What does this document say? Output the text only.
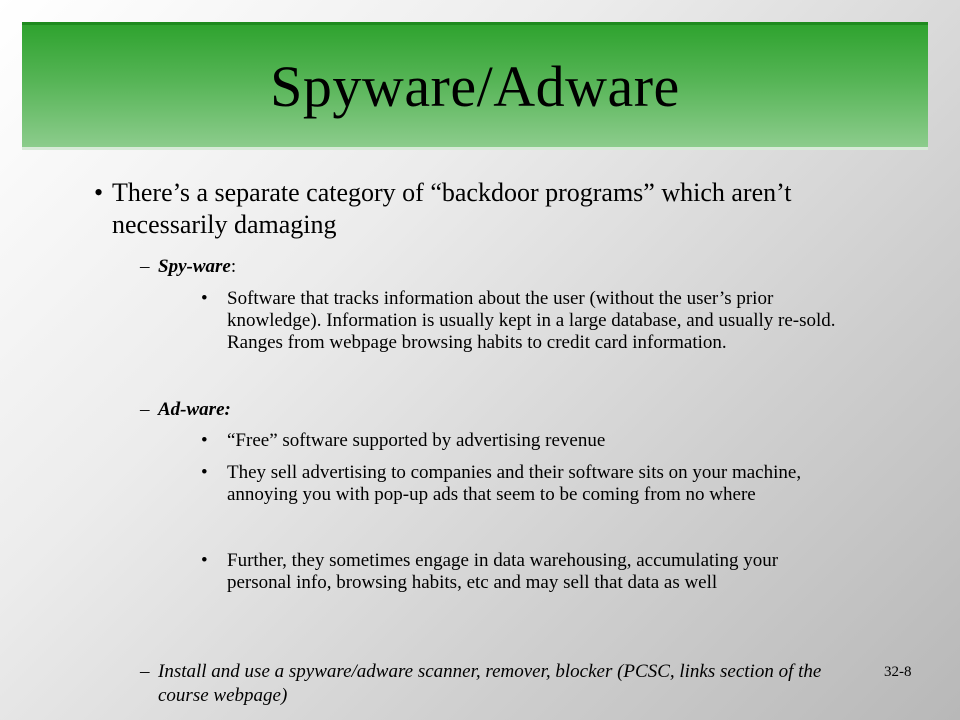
Spyware/Adware
• There’s a separate category of “backdoor programs” which aren’t necessarily damaging
– Spy-ware:
• Software that tracks information about the user (without the user’s prior knowledge). Information is usually kept in a large database, and usually re-sold. Ranges from webpage browsing habits to credit card information.
– Ad-ware:
• “Free” software supported by advertising revenue
• They sell advertising to companies and their software sits on your machine, annoying you with pop-up ads that seem to be coming from no where
• Further, they sometimes engage in data warehousing, accumulating your personal info, browsing habits, etc and may sell that data as well
– Install and use a spyware/adware scanner, remover, blocker (PCSC, links section of the course webpage)
32-8
